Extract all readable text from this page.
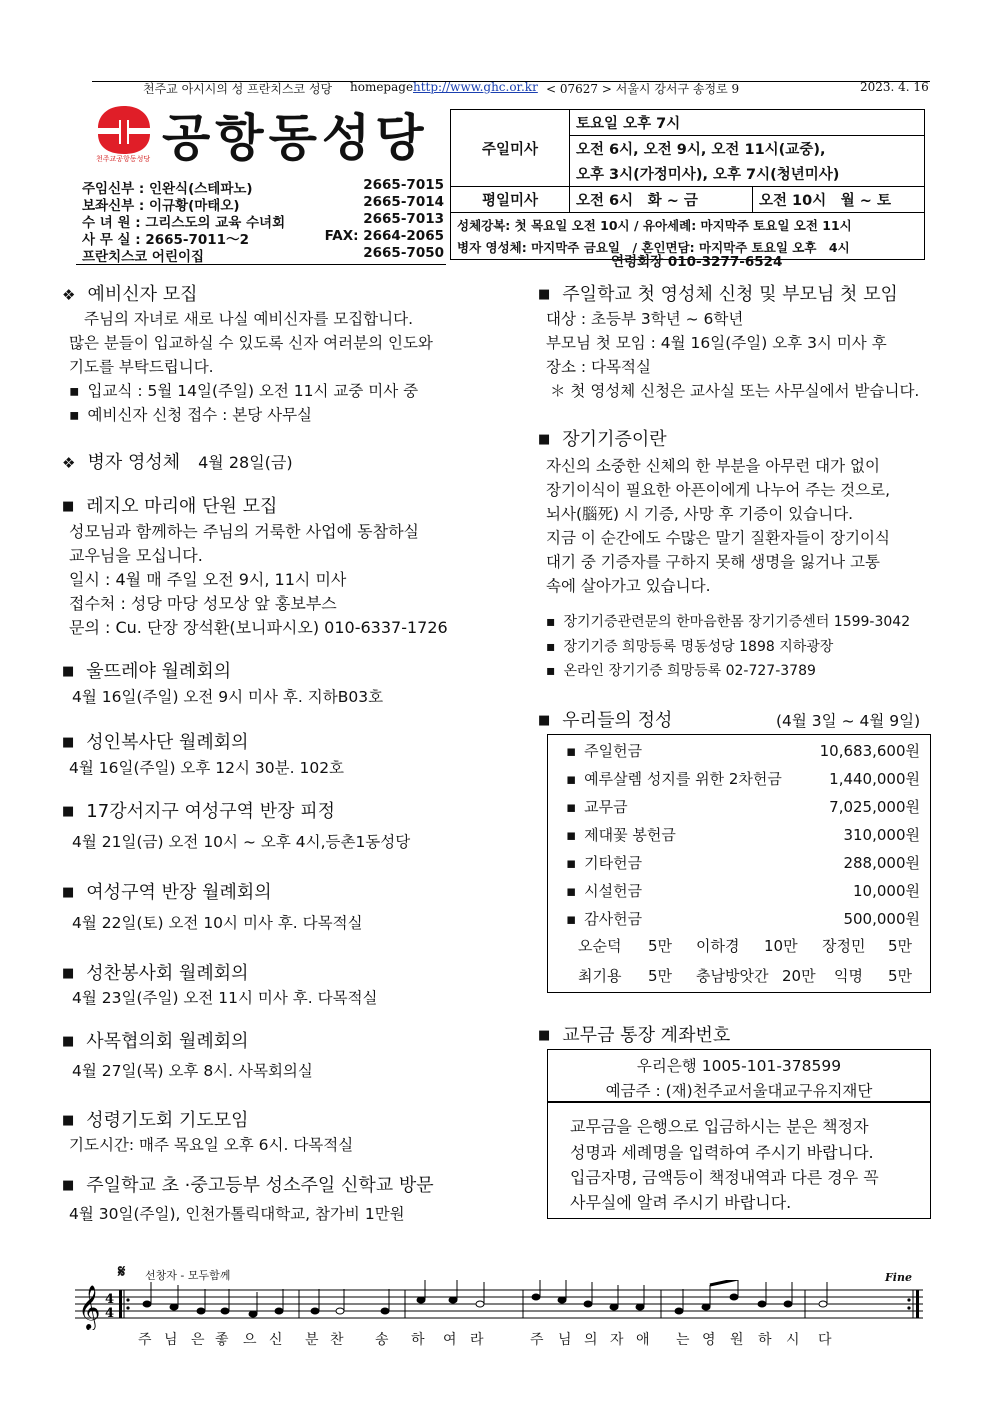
천주교 아시시의 성 프란치스코 성당 homepage http://www.ghc.or.kr < 07627 > 서울시 강서구 송정로 9	2023. 4. 16
천주교공항동성당 공항동성당
주임신부 : 인완식(스테파노)	2665-7015
보좌신부 : 이규황(마태오)	2665-7014
수 녀 원 : 그리스도의 교육 수녀회	2665-7013
사 무 실 : 2665-7011～2	FAX: 2664-2065
프란치스코 어린이집	2665-7050
주일미사	토요일 오후 7시	
	오전 6시, 오전 9시, 오전 11시(교중),	
	오후 3시(가정미사), 오후 7시(청년미사)	
평일미사	오전 6시　화 ~ 금	오전 10시　월 ~ 토
성체강복: 첫 목요일 오전 10시 / 유아세례: 마지막주 토요일 오전 11시		
병자 영성체: 마지막주 금요일　/ 혼인면담: 마지막주 토요일 오후　4시		
연령회장 010-3277-6524
❖ 예비신자 모집
주님의 자녀로 새로 나실 예비신자를 모집합니다.
많은 분들이 입교하실 수 있도록 신자 여러분의 인도와
기도를 부탁드립니다.
▪ 입교식 : 5월 14일(주일) 오전 11시 교중 미사 중
▪ 예비신자 신청 접수 : 본당 사무실
❖ 병자 영성체 4월 28일(금)
■ 레지오 마리애 단원 모집
성모님과 함께하는 주님의 거룩한 사업에 동참하실
교우님을 모십니다.
일시 : 4월 매 주일 오전 9시, 11시 미사
접수처 : 성당 마당 성모상 앞 홍보부스
문의 : Cu. 단장 장석환(보니파시오) 010-6337-1726
■ 울뜨레야 월례회의
4월 16일(주일) 오전 9시 미사 후. 지하B03호
■ 성인복사단 월례회의
4월 16일(주일) 오후 12시 30분. 102호
■ 17강서지구 여성구역 반장 피정
4월 21일(금) 오전 10시 ~ 오후 4시,등촌1동성당
■ 여성구역 반장 월례회의
4월 22일(토) 오전 10시 미사 후. 다목적실
■ 성찬봉사회 월례회의
4월 23일(주일) 오전 11시 미사 후. 다목적실
■ 사목협의회 월례회의
4월 27일(목) 오후 8시. 사목회의실
■ 성령기도회 기도모임
기도시간: 매주 목요일 오후 6시. 다목적실
■ 주일학교 초 ·중고등부 성소주일 신학교 방문
4월 30일(주일), 인천가톨릭대학교, 참가비 1만원
■ 주일학교 첫 영성체 신청 및 부모님 첫 모임
대상 : 초등부 3학년 ~ 6학년
부모님 첫 모임 : 4월 16일(주일) 오후 3시 미사 후
장소 : 다목적실
＊ 첫 영성체 신청은 교사실 또는 사무실에서 받습니다.
■ 장기기증이란
자신의 소중한 신체의 한 부분을 아무런 대가 없이
장기이식이 필요한 아픈이에게 나누어 주는 것으로,
뇌사(腦死) 시 기증, 사망 후 기증이 있습니다.
지금 이 순간에도 수많은 말기 질환자들이 장기이식
대기 중 기증자를 구하지 못해 생명을 잃거나 고통
속에 살아가고 있습니다.
▪ 장기기증관련문의 한마음한몸 장기기증센터 1599-3042
▪ 장기기증 희망등록 명동성당 1898 지하광장
▪ 온라인 장기기증 희망등록 02-727-3789
■ 우리들의 정성	(4월 3일 ~ 4월 9일)
▪ 주일헌금	10,683,600원
▪ 예루살렘 성지를 위한 2차헌금	1,440,000원
▪ 교무금	7,025,000원
▪ 제대꽃 봉헌금	310,000원
▪ 기타헌금	288,000원
▪ 시설헌금	10,000원
▪ 감사헌금	500,000원
오순덕	5만	이하경	10만	장정민	5만
최기용	5만	충남방앗간 20만	익명	5만
■ 교무금 통장 계좌번호
우리은행 1005-101-378599
예금주 : (재)천주교서울대교구유지재단
교무금을 은행으로 입금하시는 분은 책정자
성명과 세례명을 입력하여 주시기 바랍니다.
입금자명, 금액등이 책정내역과 다른 경우 꼭
사무실에 알려 주시기 바랍니다.
선창자 - 모두함께
𝄋	Fine
𝄞 4
4
주 님 은 좋 으 신 분 찬 송 하 여 라	주 님 의 자 애 는 영 원 하 시 다
